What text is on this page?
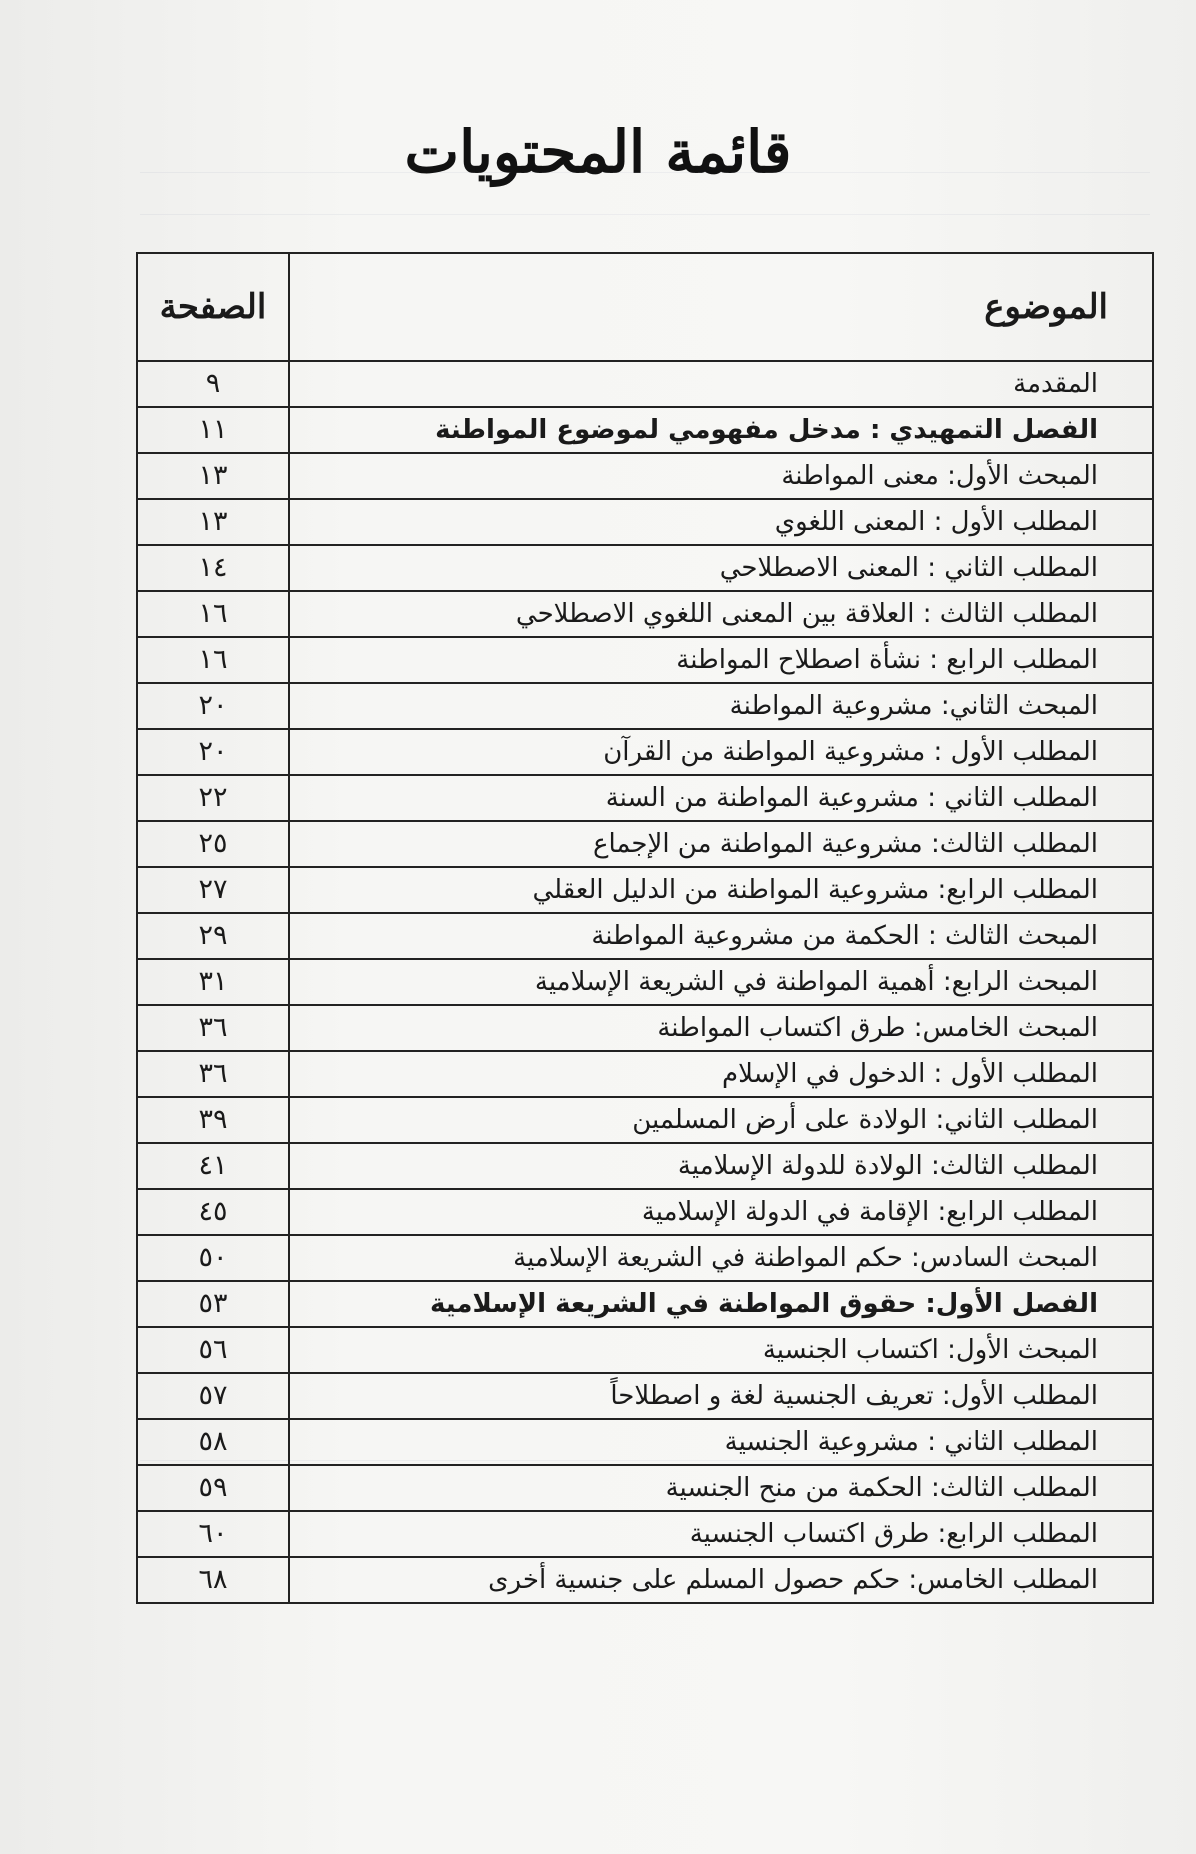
قائمة المحتويات
الموضوع	الصفحة
المقدمة	٩
الفصل التمهيدي : مدخل مفهومي لموضوع المواطنة	١١
المبحث الأول: معنى المواطنة	١٣
المطلب الأول : المعنى اللغوي	١٣
المطلب الثاني : المعنى الاصطلاحي	١٤
المطلب الثالث : العلاقة بين المعنى اللغوي الاصطلاحي	١٦
المطلب الرابع : نشأة اصطلاح المواطنة	١٦
المبحث الثاني: مشروعية المواطنة	٢٠
المطلب الأول : مشروعية المواطنة من القرآن	٢٠
المطلب الثاني : مشروعية المواطنة من السنة	٢٢
المطلب الثالث: مشروعية المواطنة من الإجماع	٢٥
المطلب الرابع: مشروعية المواطنة من الدليل العقلي	٢٧
المبحث الثالث : الحكمة من مشروعية المواطنة	٢٩
المبحث الرابع: أهمية المواطنة في الشريعة الإسلامية	٣١
المبحث الخامس: طرق اكتساب المواطنة	٣٦
المطلب الأول : الدخول في الإسلام	٣٦
المطلب الثاني: الولادة على أرض المسلمين	٣٩
المطلب الثالث: الولادة للدولة الإسلامية	٤١
المطلب الرابع: الإقامة في الدولة الإسلامية	٤٥
المبحث السادس: حكم المواطنة في الشريعة الإسلامية	٥٠
الفصل الأول: حقوق المواطنة في الشريعة الإسلامية	٥٣
المبحث الأول: اكتساب الجنسية	٥٦
المطلب الأول: تعريف الجنسية لغة و اصطلاحاً	٥٧
المطلب الثاني : مشروعية الجنسية	٥٨
المطلب الثالث: الحكمة من منح الجنسية	٥٩
المطلب الرابع: طرق اكتساب الجنسية	٦٠
المطلب الخامس: حكم حصول المسلم على جنسية أخرى	٦٨
